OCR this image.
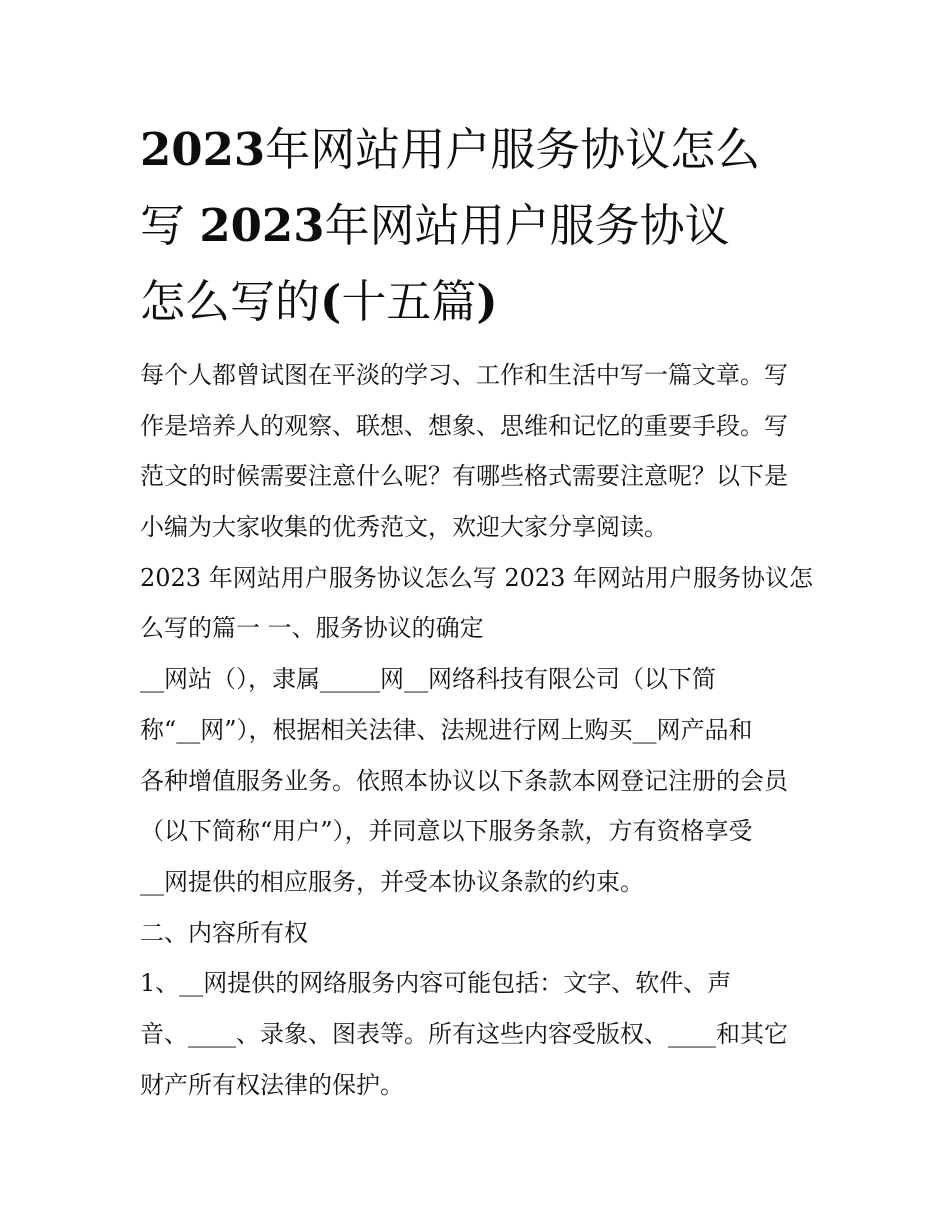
2023年网站用户服务协议怎么
写 2023年网站用户服务协议
怎么写的(十五篇)
每个人都曾试图在平淡的学习、工作和生活中写一篇文章。写
作是培养人的观察、联想、想象、思维和记忆的重要手段。写
范文的时候需要注意什么呢？有哪些格式需要注意呢？以下是
小编为大家收集的优秀范文，欢迎大家分享阅读。
2023 年网站用户服务协议怎么写 2023 年网站用户服务协议怎
么写的篇一 一、服务协议的确定
__网站（），隶属_____网__网络科技有限公司（以下简
称“__网”），根据相关法律、法规进行网上购买__网产品和
各种增值服务业务。依照本协议以下条款本网登记注册的会员
（以下简称“用户”），并同意以下服务条款，方有资格享受
__网提供的相应服务，并受本协议条款的约束。
二、内容所有权
1、__网提供的网络服务内容可能包括：文字、软件、声
音、____、录象、图表等。所有这些内容受版权、____和其它
财产所有权法律的保护。
